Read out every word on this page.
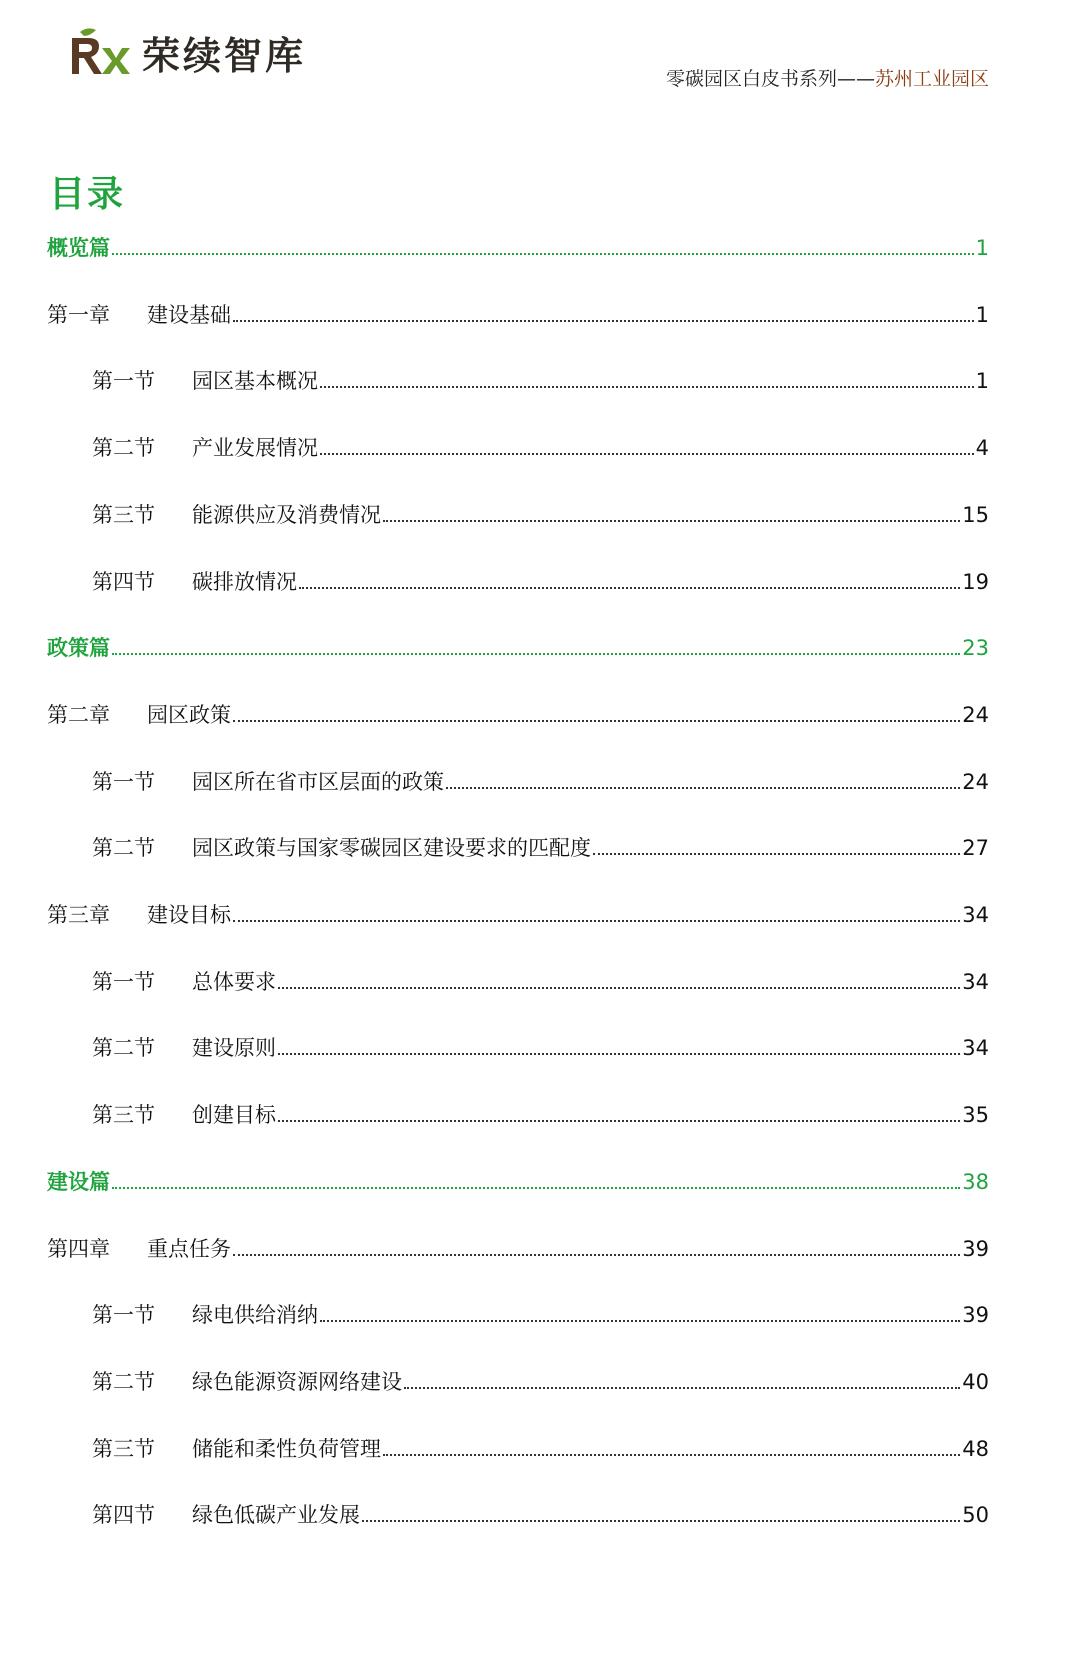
荣续智库
零碳园区白皮书系列——苏州工业园区
目录
概览篇	1
第一章	建设基础	1
第一节	园区基本概况	1
第二节	产业发展情况	4
第三节	能源供应及消费情况	15
第四节	碳排放情况	19
政策篇	23
第二章	园区政策	24
第一节	园区所在省市区层面的政策	24
第二节	园区政策与国家零碳园区建设要求的匹配度	27
第三章	建设目标	34
第一节	总体要求	34
第二节	建设原则	34
第三节	创建目标	35
建设篇	38
第四章	重点任务	39
第一节	绿电供给消纳	39
第二节	绿色能源资源网络建设	40
第三节	储能和柔性负荷管理	48
第四节	绿色低碳产业发展	50
